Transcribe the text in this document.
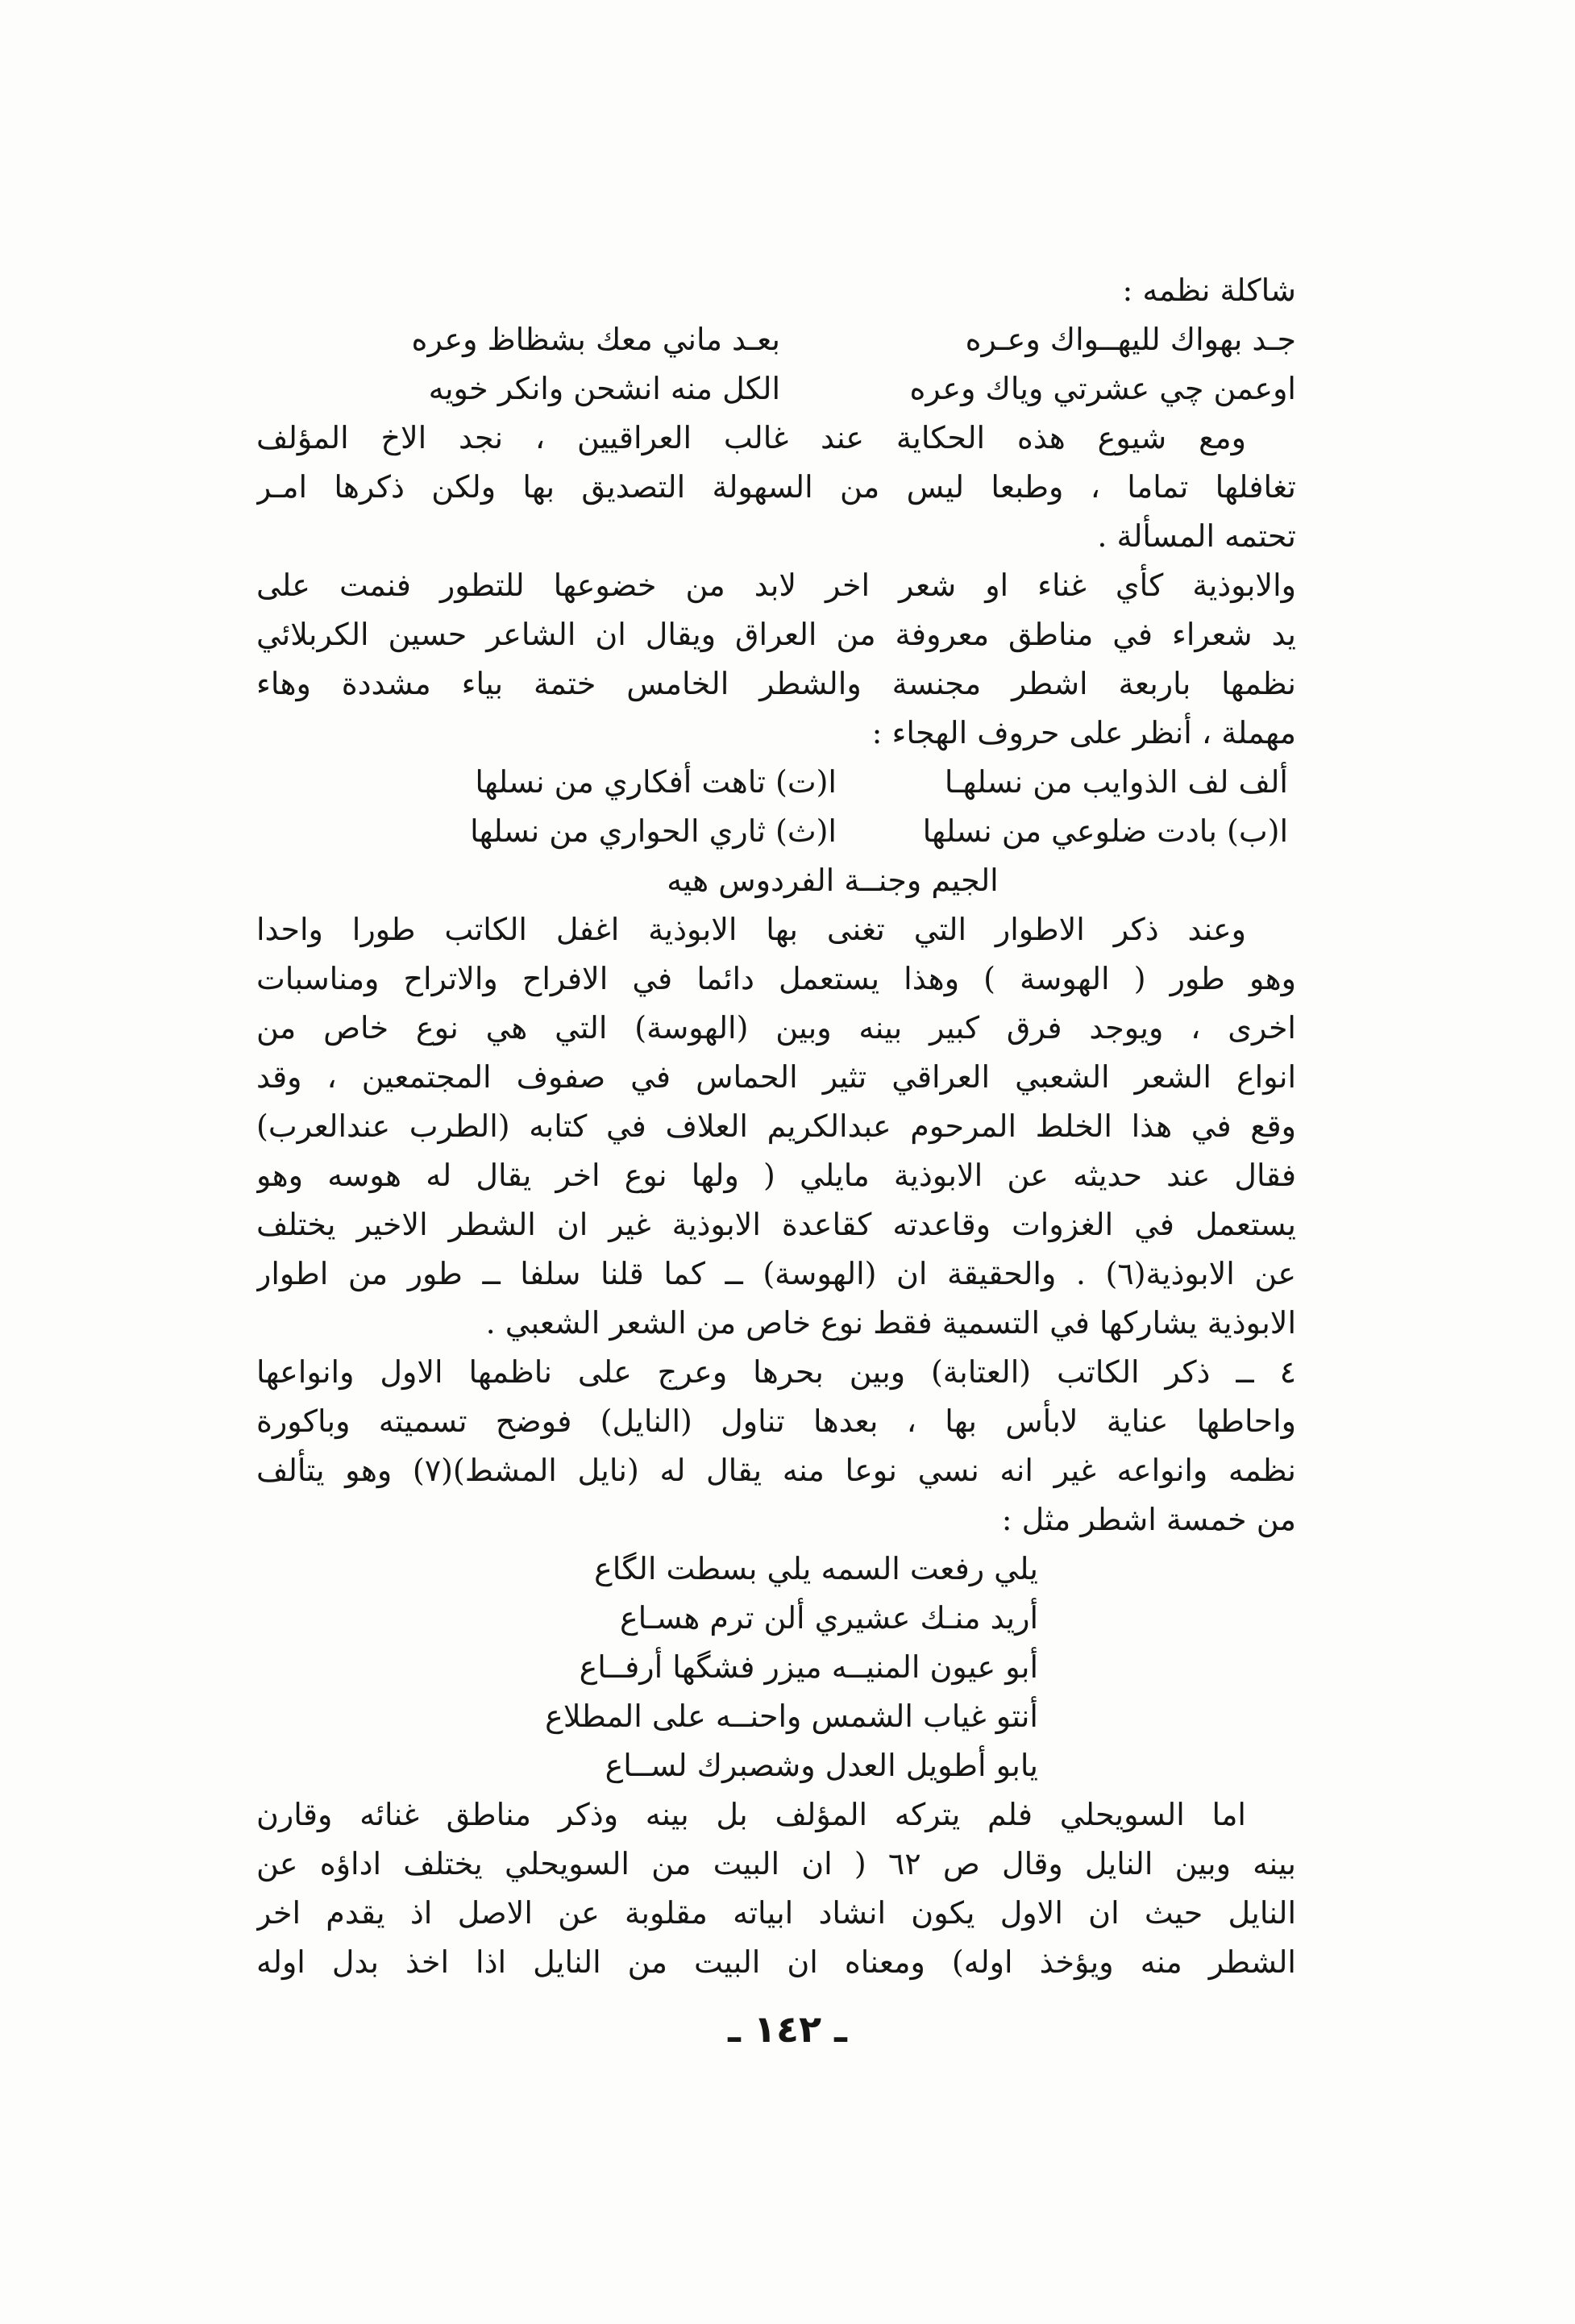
شاكلة نظمه :
جـد بهواك لليهــواك وعـره
بعـد ماني معك بشظاظ وعره
اوعمن چي عشرتي وياك وعره
الكل منه انشحن وانكر خويه
ومع شيوع هذه الحكاية عند غالب العراقيين ، نجد الاخ المؤلف
تغافلها تماما ، وطبعا ليس من السهولة التصديق بها ولكن ذكرها امـر
تحتمه المسألة .
والابوذية كأي غناء او شعر اخر لابد من خضوعها للتطور فنمت على
يد شعراء في مناطق معروفة من العراق ويقال ان الشاعر حسين الكربلائي
نظمها باربعة اشطر مجنسة والشطر الخامس ختمة بياء مشددة وهاء
مهملة ، أنظر على حروف الهجاء :
ألف لف الذوايب من نسلهـا
ا(ت) تاهت أفكاري من نسلها
ا(ب) بادت ضلوعي من نسلها
ا(ث) ثاري الحواري من نسلها
الجيم وجنــة الفردوس هيه
وعند ذكر الاطوار التي تغنى بها الابوذية اغفل الكاتب طورا واحدا
وهو طور ( الهوسة ) وهذا يستعمل دائما في الافراح والاتراح ومناسبات
اخرى ، ويوجد فرق كبير بينه وبين (الهوسة) التي هي نوع خاص من
انواع الشعر الشعبي العراقي تثير الحماس في صفوف المجتمعين ، وقد
وقع في هذا الخلط المرحوم عبدالكريم العلاف في كتابه (الطرب عندالعرب)
فقال عند حديثه عن الابوذية مايلي ( ولها نوع اخر يقال له هوسه وهو
يستعمل في الغزوات وقاعدته كقاعدة الابوذية غير ان الشطر الاخير يختلف
عن الابوذية(٦) . والحقيقة ان (الهوسة) ــ كما قلنا سلفا ــ طور من اطوار
الابوذية يشاركها في التسمية فقط نوع خاص من الشعر الشعبي .
٤ ــ ذكر الكاتب (العتابة) وبين بحرها وعرج على ناظمها الاول وانواعها
واحاطها عناية لابأس بها ، بعدها تناول (النايل) فوضح تسميته وباكورة
نظمه وانواعه غير انه نسي نوعا منه يقال له (نايل المشط)(٧) وهو يتألف
من خمسة اشطر مثل :
يلي رفعت السمه يلي بسطت الگاع
أريد منـك عشيري ألن ترم هسـاع
أبو عيون المنيــه ميزر فشگها أرفــاع
أنتو غياب الشمس واحنــه على المطلاع
يابو أطويل العدل وشصبرك لســاع
اما السويحلي فلم يتركه المؤلف بل بينه وذكر مناطق غنائه وقارن
بينه وبين النايل وقال ص ٦٢ ( ان البيت من السويحلي يختلف اداؤه عن
النايل حيث ان الاول يكون انشاد ابياته مقلوبة عن الاصل اذ يقدم اخر
الشطر منه ويؤخذ اوله) ومعناه ان البيت من النايل اذا اخذ بدل اوله
ـ ١٤٢ ـ
